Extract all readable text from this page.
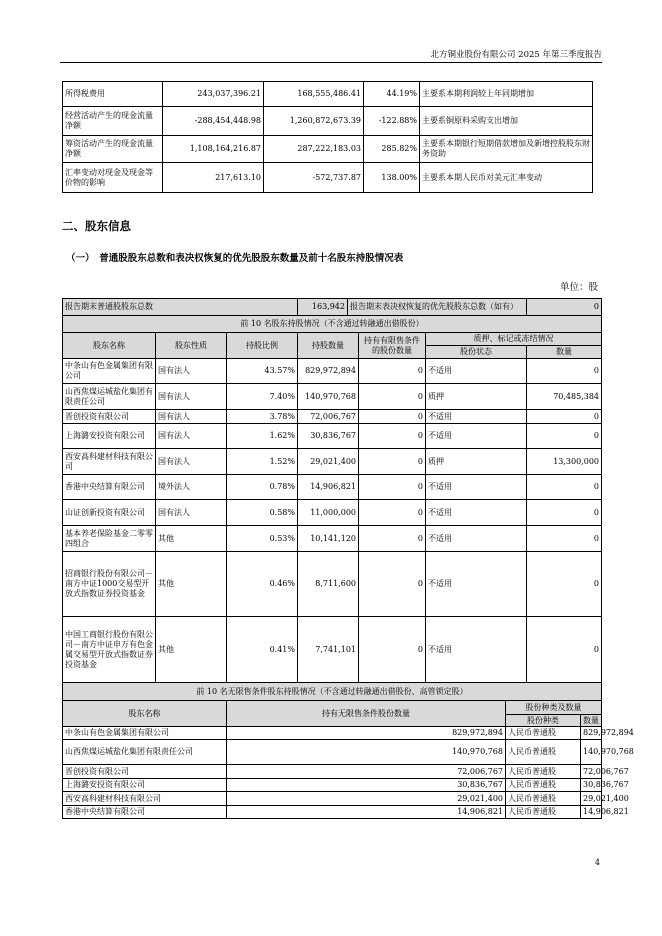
北方铜业股份有限公司 2025 年第三季度报告
所得税费用	243,037,396.21	168,555,486.41	44.19%	主要系本期利润较上年同期增加
经营活动产生的现金流量净额	-288,454,448.98	1,260,872,673.39	-122.88%	主要系铜原料采购支出增加
筹资活动产生的现金流量净额	1,108,164,216.87	287,222,183.03	285.82%	主要系本期银行短期借款增加及新增控股股东财务资助
汇率变动对现金及现金等价物的影响	217,613.10	-572,737.87	138.00%	主要系本期人民币对美元汇率变动
二、股东信息
（一）　普通股股东总数和表决权恢复的优先股股东数量及前十名股东持股情况表
单位：股
报告期末普通股股东总数			163,942	报告期末表决权恢复的优先股股东总数（如有）				0	
前 10 名股东持股情况（不含通过转融通出借股份）									
股东名称	股东性质	持股比例	持股数量		持有有限售条件的股份数量	质押、标记或冻结情况			
						股份状态		数量	
中条山有色金属集团有限公司	国有法人	43.57%	829,972,894		0	不适用		0	
山西焦煤运城盐化集团有限责任公司	国有法人	7.40%	140,970,768		0	质押		70,485,384	
晋创投资有限公司	国有法人	3.78%	72,006,767		0	不适用		0	
上海潞安投资有限公司	国有法人	1.62%	30,836,767		0	不适用		0	
西安高科建材科技有限公司	国有法人	1.52%	29,021,400		0	质押		13,300,000	
香港中央结算有限公司	境外法人	0.78%	14,906,821		0	不适用		0	
山证创新投资有限公司	国有法人	0.58%	11,000,000		0	不适用		0	
基本养老保险基金二零零四组合	其他	0.53%	10,141,120		0	不适用		0	
招商银行股份有限公司－南方中证1000交易型开放式指数证券投资基金	其他	0.46%	8,711,600		0	不适用		0	
中国工商银行股份有限公司－南方中证申万有色金属交易型开放式指数证券投资基金	其他	0.41%	7,741,101		0	不适用		0	
前 10 名无限售条件股东持股情况（不含通过转融通出借股份、高管锁定股）									
股东名称		持有无限售条件股份数量					股份种类及数量		
							股份种类		数量
中条山有色金属集团有限公司		829,972,894					人民币普通股		829,972,894
山西焦煤运城盐化集团有限责任公司		140,970,768					人民币普通股		140,970,768
晋创投资有限公司		72,006,767					人民币普通股		72,006,767
上海潞安投资有限公司		30,836,767					人民币普通股		30,836,767
西安高科建材科技有限公司		29,021,400					人民币普通股		29,021,400
香港中央结算有限公司		14,906,821					人民币普通股		14,906,821
4
